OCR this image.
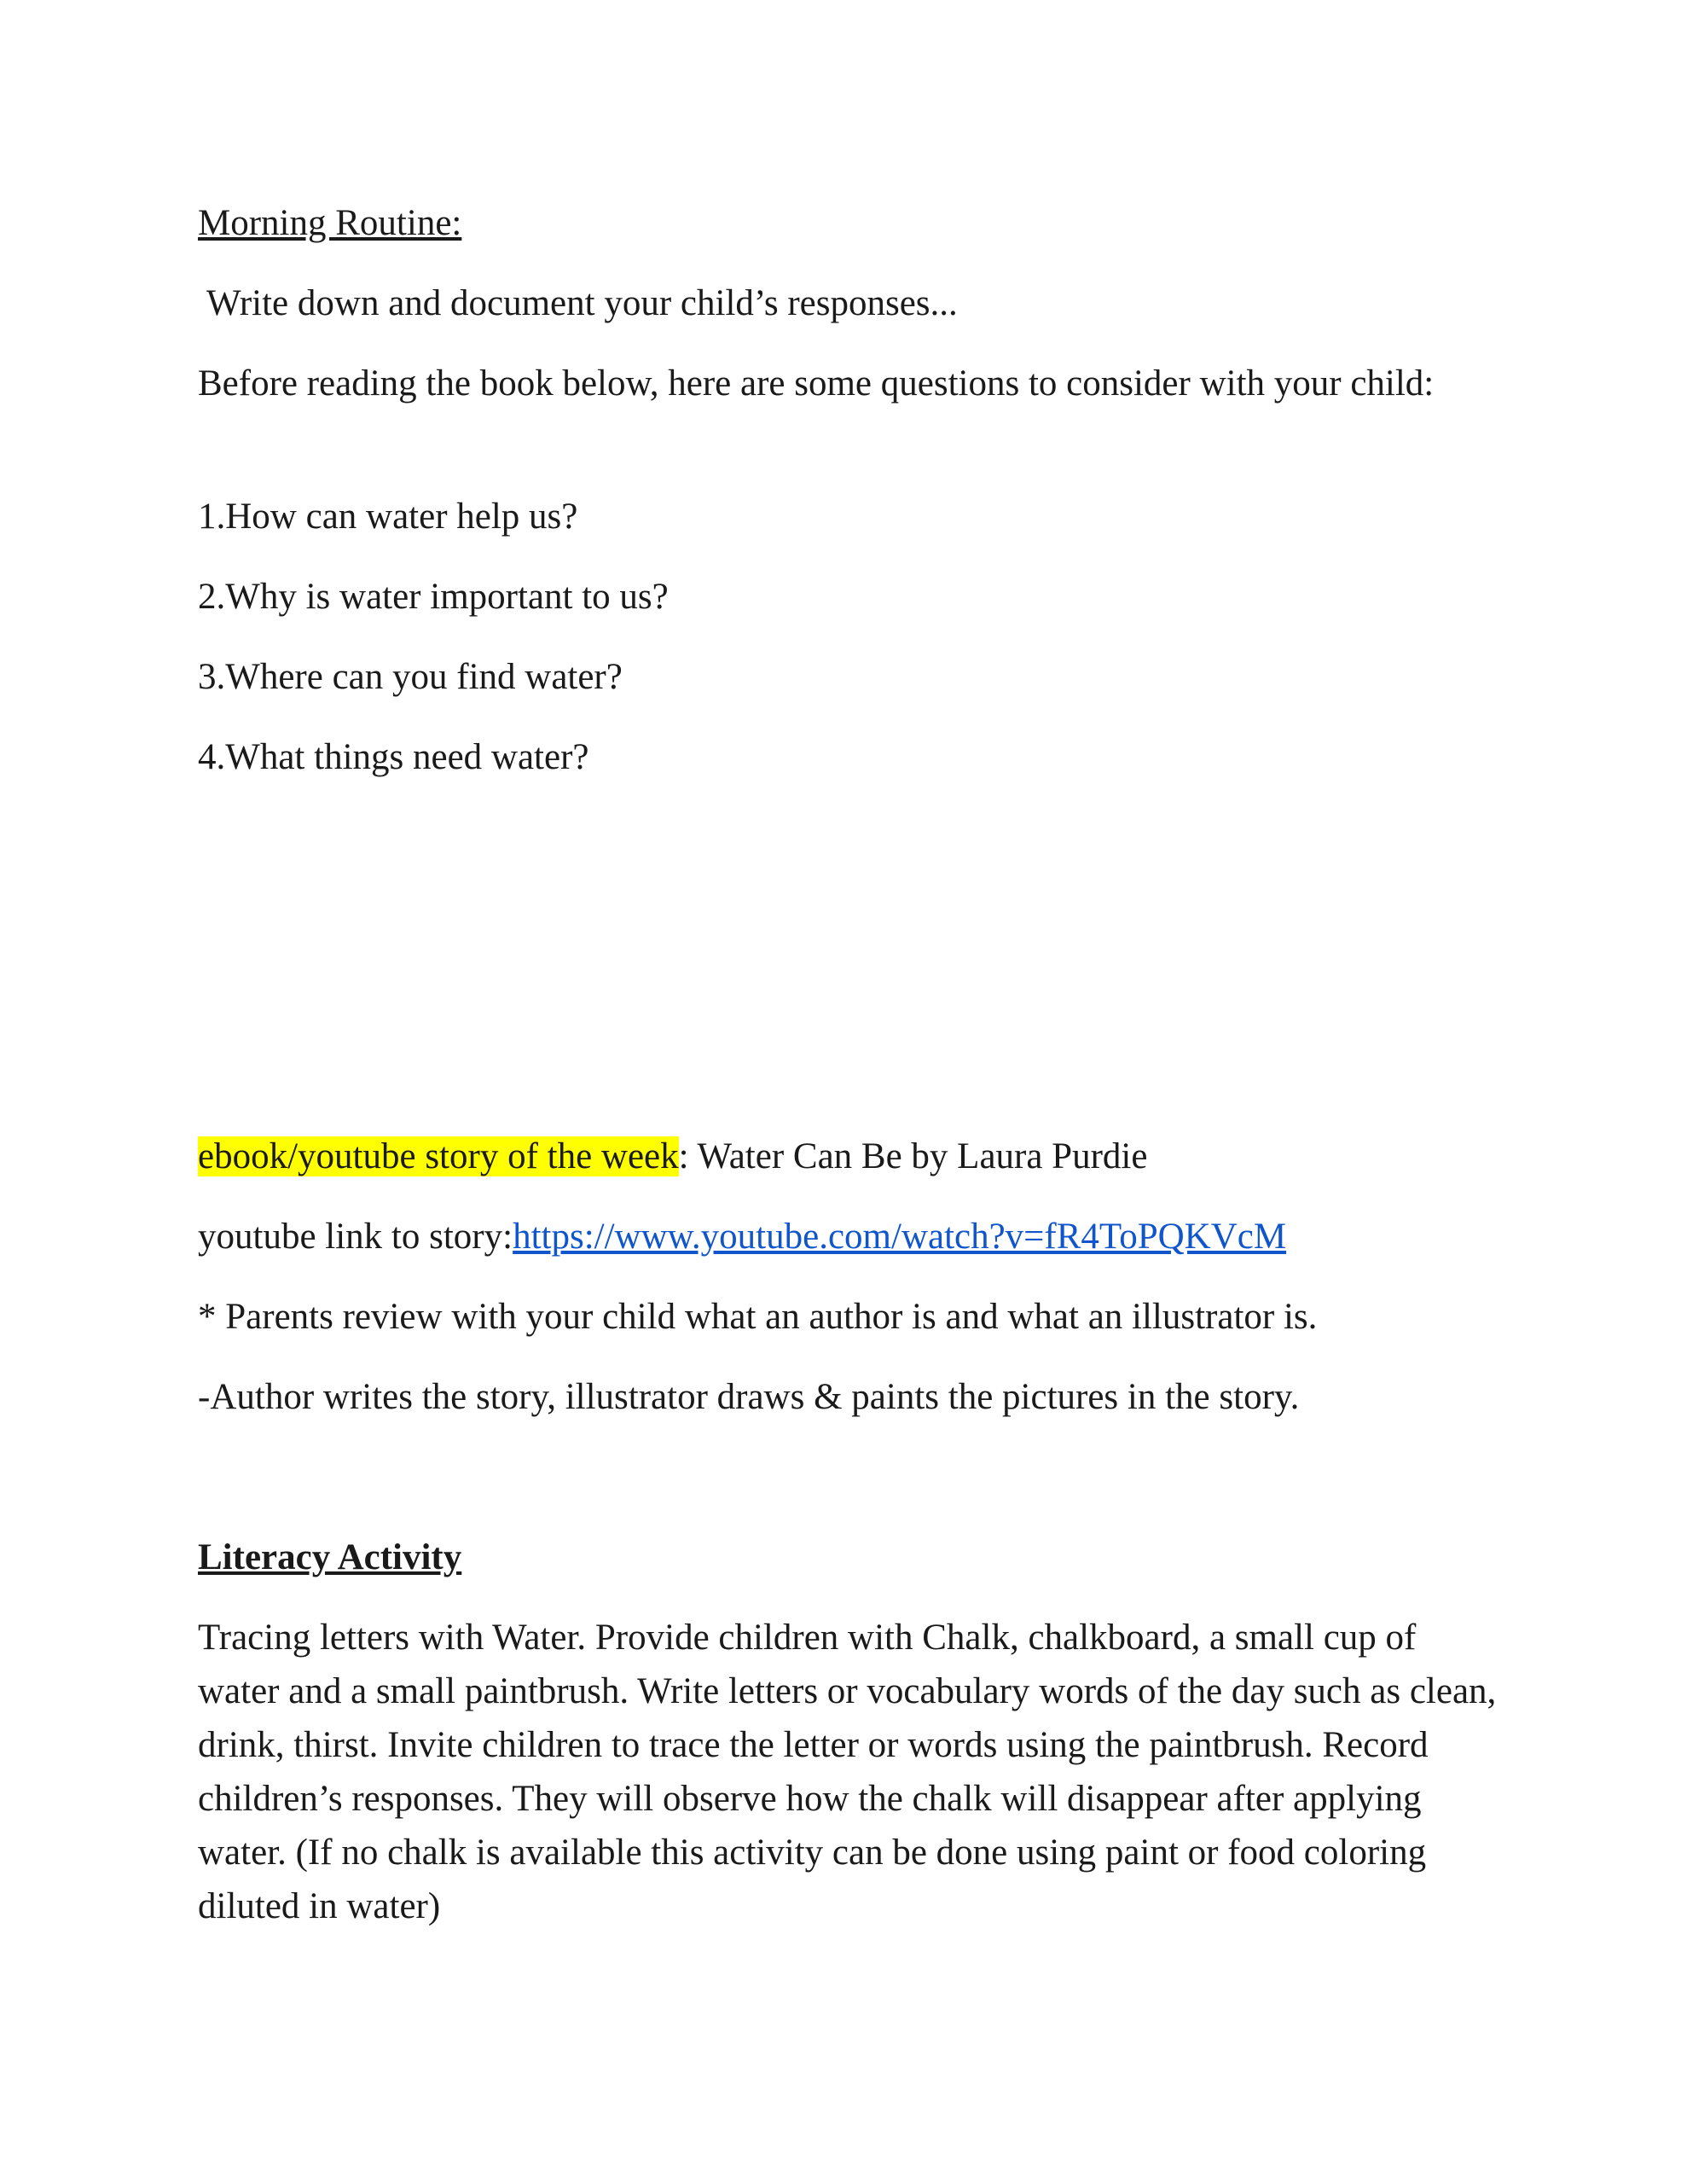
Morning Routine:
Write down and document your child’s responses...
Before reading the book below, here are some questions to consider with your child:
1.How can water help us?
2.Why is water important to us?
3.Where can you find water?
4.What things need water?
ebook/youtube story of the week: Water Can Be by Laura Purdie
youtube link to story:https://www.youtube.com/watch?v=fR4ToPQKVcM
* Parents review with your child what an author is and what an illustrator is.
-Author writes the story, illustrator draws & paints the pictures in the story.
Literacy Activity
Tracing letters with Water. Provide children with Chalk, chalkboard, a small cup of water and a small paintbrush. Write letters or vocabulary words of the day such as clean, drink, thirst. Invite children to trace the letter or words using the paintbrush. Record children’s responses. They will observe how the chalk will disappear after applying water. (If no chalk is available this activity can be done using paint or food coloring diluted in water)
